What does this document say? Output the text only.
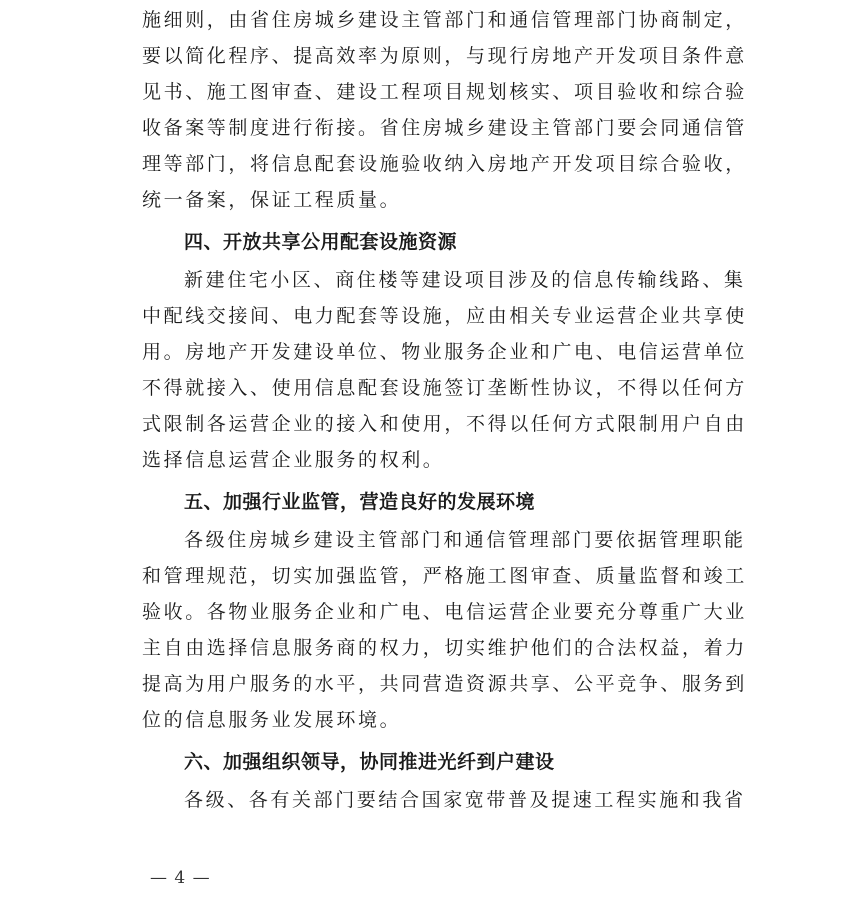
施细则，由省住房城乡建设主管部门和通信管理部门协商制定，
要以简化程序、提高效率为原则，与现行房地产开发项目条件意
见书、施工图审查、建设工程项目规划核实、项目验收和综合验
收备案等制度进行衔接。省住房城乡建设主管部门要会同通信管
理等部门，将信息配套设施验收纳入房地产开发项目综合验收，
统一备案，保证工程质量。
四、开放共享公用配套设施资源
新建住宅小区、商住楼等建设项目涉及的信息传输线路、集
中配线交接间、电力配套等设施，应由相关专业运营企业共享使
用。房地产开发建设单位、物业服务企业和广电、电信运营单位
不得就接入、使用信息配套设施签订垄断性协议，不得以任何方
式限制各运营企业的接入和使用，不得以任何方式限制用户自由
选择信息运营企业服务的权利。
五、加强行业监管，营造良好的发展环境
各级住房城乡建设主管部门和通信管理部门要依据管理职能
和管理规范，切实加强监管，严格施工图审查、质量监督和竣工
验收。各物业服务企业和广电、电信运营企业要充分尊重广大业
主自由选择信息服务商的权力，切实维护他们的合法权益，着力
提高为用户服务的水平，共同营造资源共享、公平竞争、服务到
位的信息服务业发展环境。
六、加强组织领导，协同推进光纤到户建设
各级、各有关部门要结合国家宽带普及提速工程实施和我省
— 4 —
